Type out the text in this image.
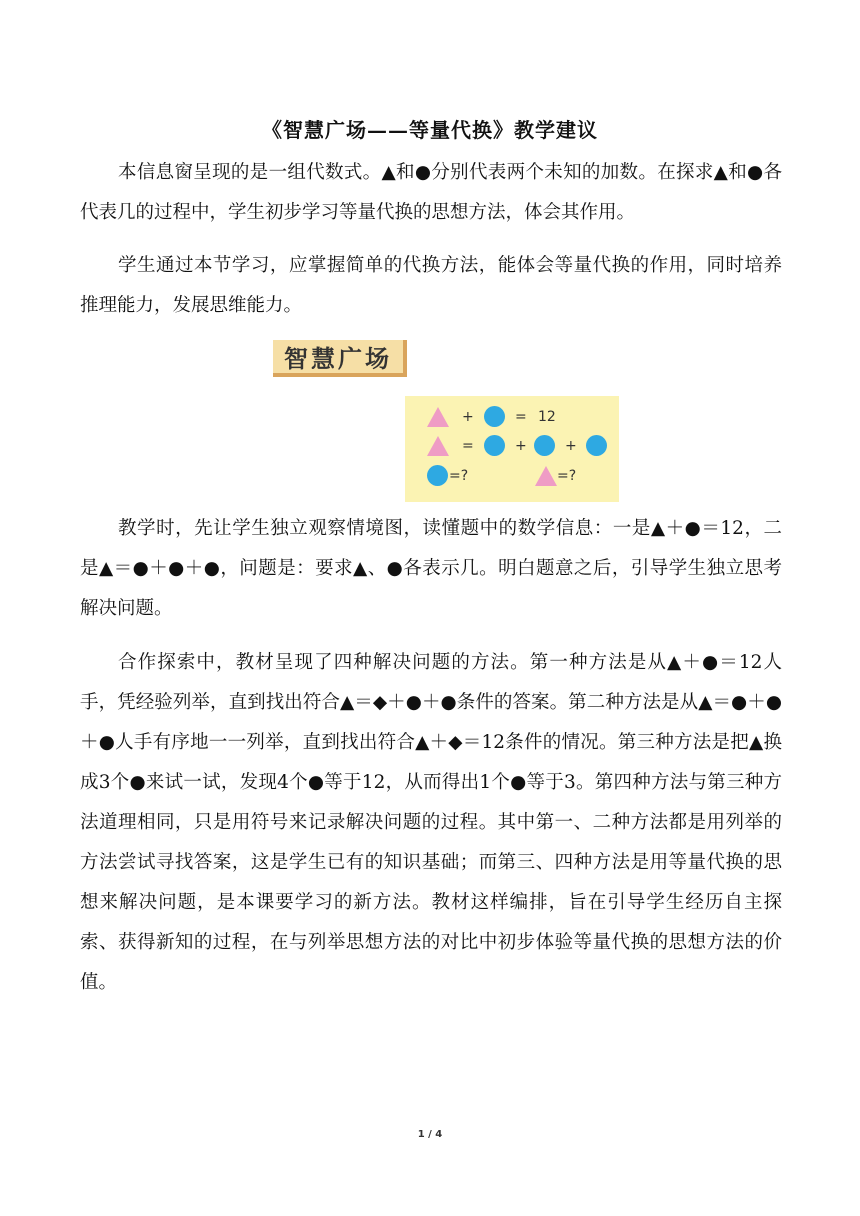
《智慧广场——等量代换》教学建议

本信息窗呈现的是一组代数式。▲和●分别代表两个未知的加数。在探求▲和●各代表几的过程中，学生初步学习等量代换的思想方法，体会其作用。

学生通过本节学习，应掌握简单的代换方法，能体会等量代换的作用，同时培养推理能力，发展思维能力。

智慧广场
+	= 12
=	+	+
=?	=?

教学时，先让学生独立观察情境图，读懂题中的数学信息：一是▲＋●＝12，二是▲＝●＋●＋●，问题是：要求▲、●各表示几。明白题意之后，引导学生独立思考解决问题。

合作探索中，教材呈现了四种解决问题的方法。第一种方法是从▲＋●＝12人手，凭经验列举，直到找出符合▲＝◆＋●＋●条件的答案。第二种方法是从▲＝●＋●＋●人手有序地一一列举，直到找出符合▲＋◆＝12条件的情况。第三种方法是把▲换成3个●来试一试，发现4个●等于12，从而得出1个●等于3。第四种方法与第三种方法道理相同，只是用符号来记录解决问题的过程。其中第一、二种方法都是用列举的方法尝试寻找答案，这是学生已有的知识基础；而第三、四种方法是用等量代换的思想来解决问题，是本课要学习的新方法。教材这样编排，旨在引导学生经历自主探索、获得新知的过程，在与列举思想方法的对比中初步体验等量代换的思想方法的价值。

1 / 4
